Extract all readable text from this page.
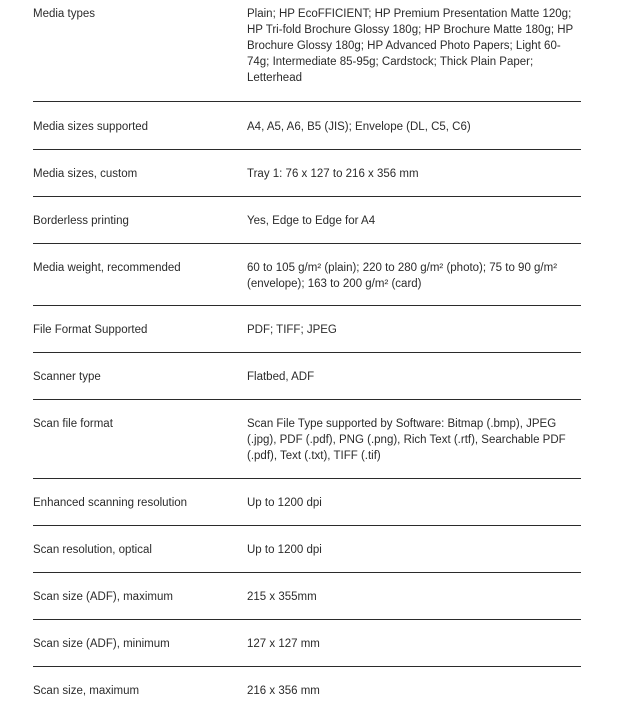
Media types	Plain; HP EcoFFICIENT; HP Premium Presentation Matte 120g; HP Tri-fold Brochure Glossy 180g; HP Brochure Matte 180g; HP Brochure Glossy 180g; HP Advanced Photo Papers; Light 60-74g; Intermediate 85-95g; Cardstock; Thick Plain Paper; Letterhead
Media sizes supported	A4, A5, A6, B5 (JIS); Envelope (DL, C5, C6)
Media sizes, custom	Tray 1: 76 x 127 to 216 x 356 mm
Borderless printing	Yes, Edge to Edge for A4
Media weight, recommended	60 to 105 g/m² (plain); 220 to 280 g/m² (photo); 75 to 90 g/m² (envelope); 163 to 200 g/m² (card)
File Format Supported	PDF; TIFF; JPEG
Scanner type	Flatbed, ADF
Scan file format	Scan File Type supported by Software: Bitmap (.bmp), JPEG (.jpg), PDF (.pdf), PNG (.png), Rich Text (.rtf), Searchable PDF (.pdf), Text (.txt), TIFF (.tif)
Enhanced scanning resolution	Up to 1200 dpi
Scan resolution, optical	Up to 1200 dpi
Scan size (ADF), maximum	215 x 355mm
Scan size (ADF), minimum	127 x 127 mm
Scan size, maximum	216 x 356 mm
